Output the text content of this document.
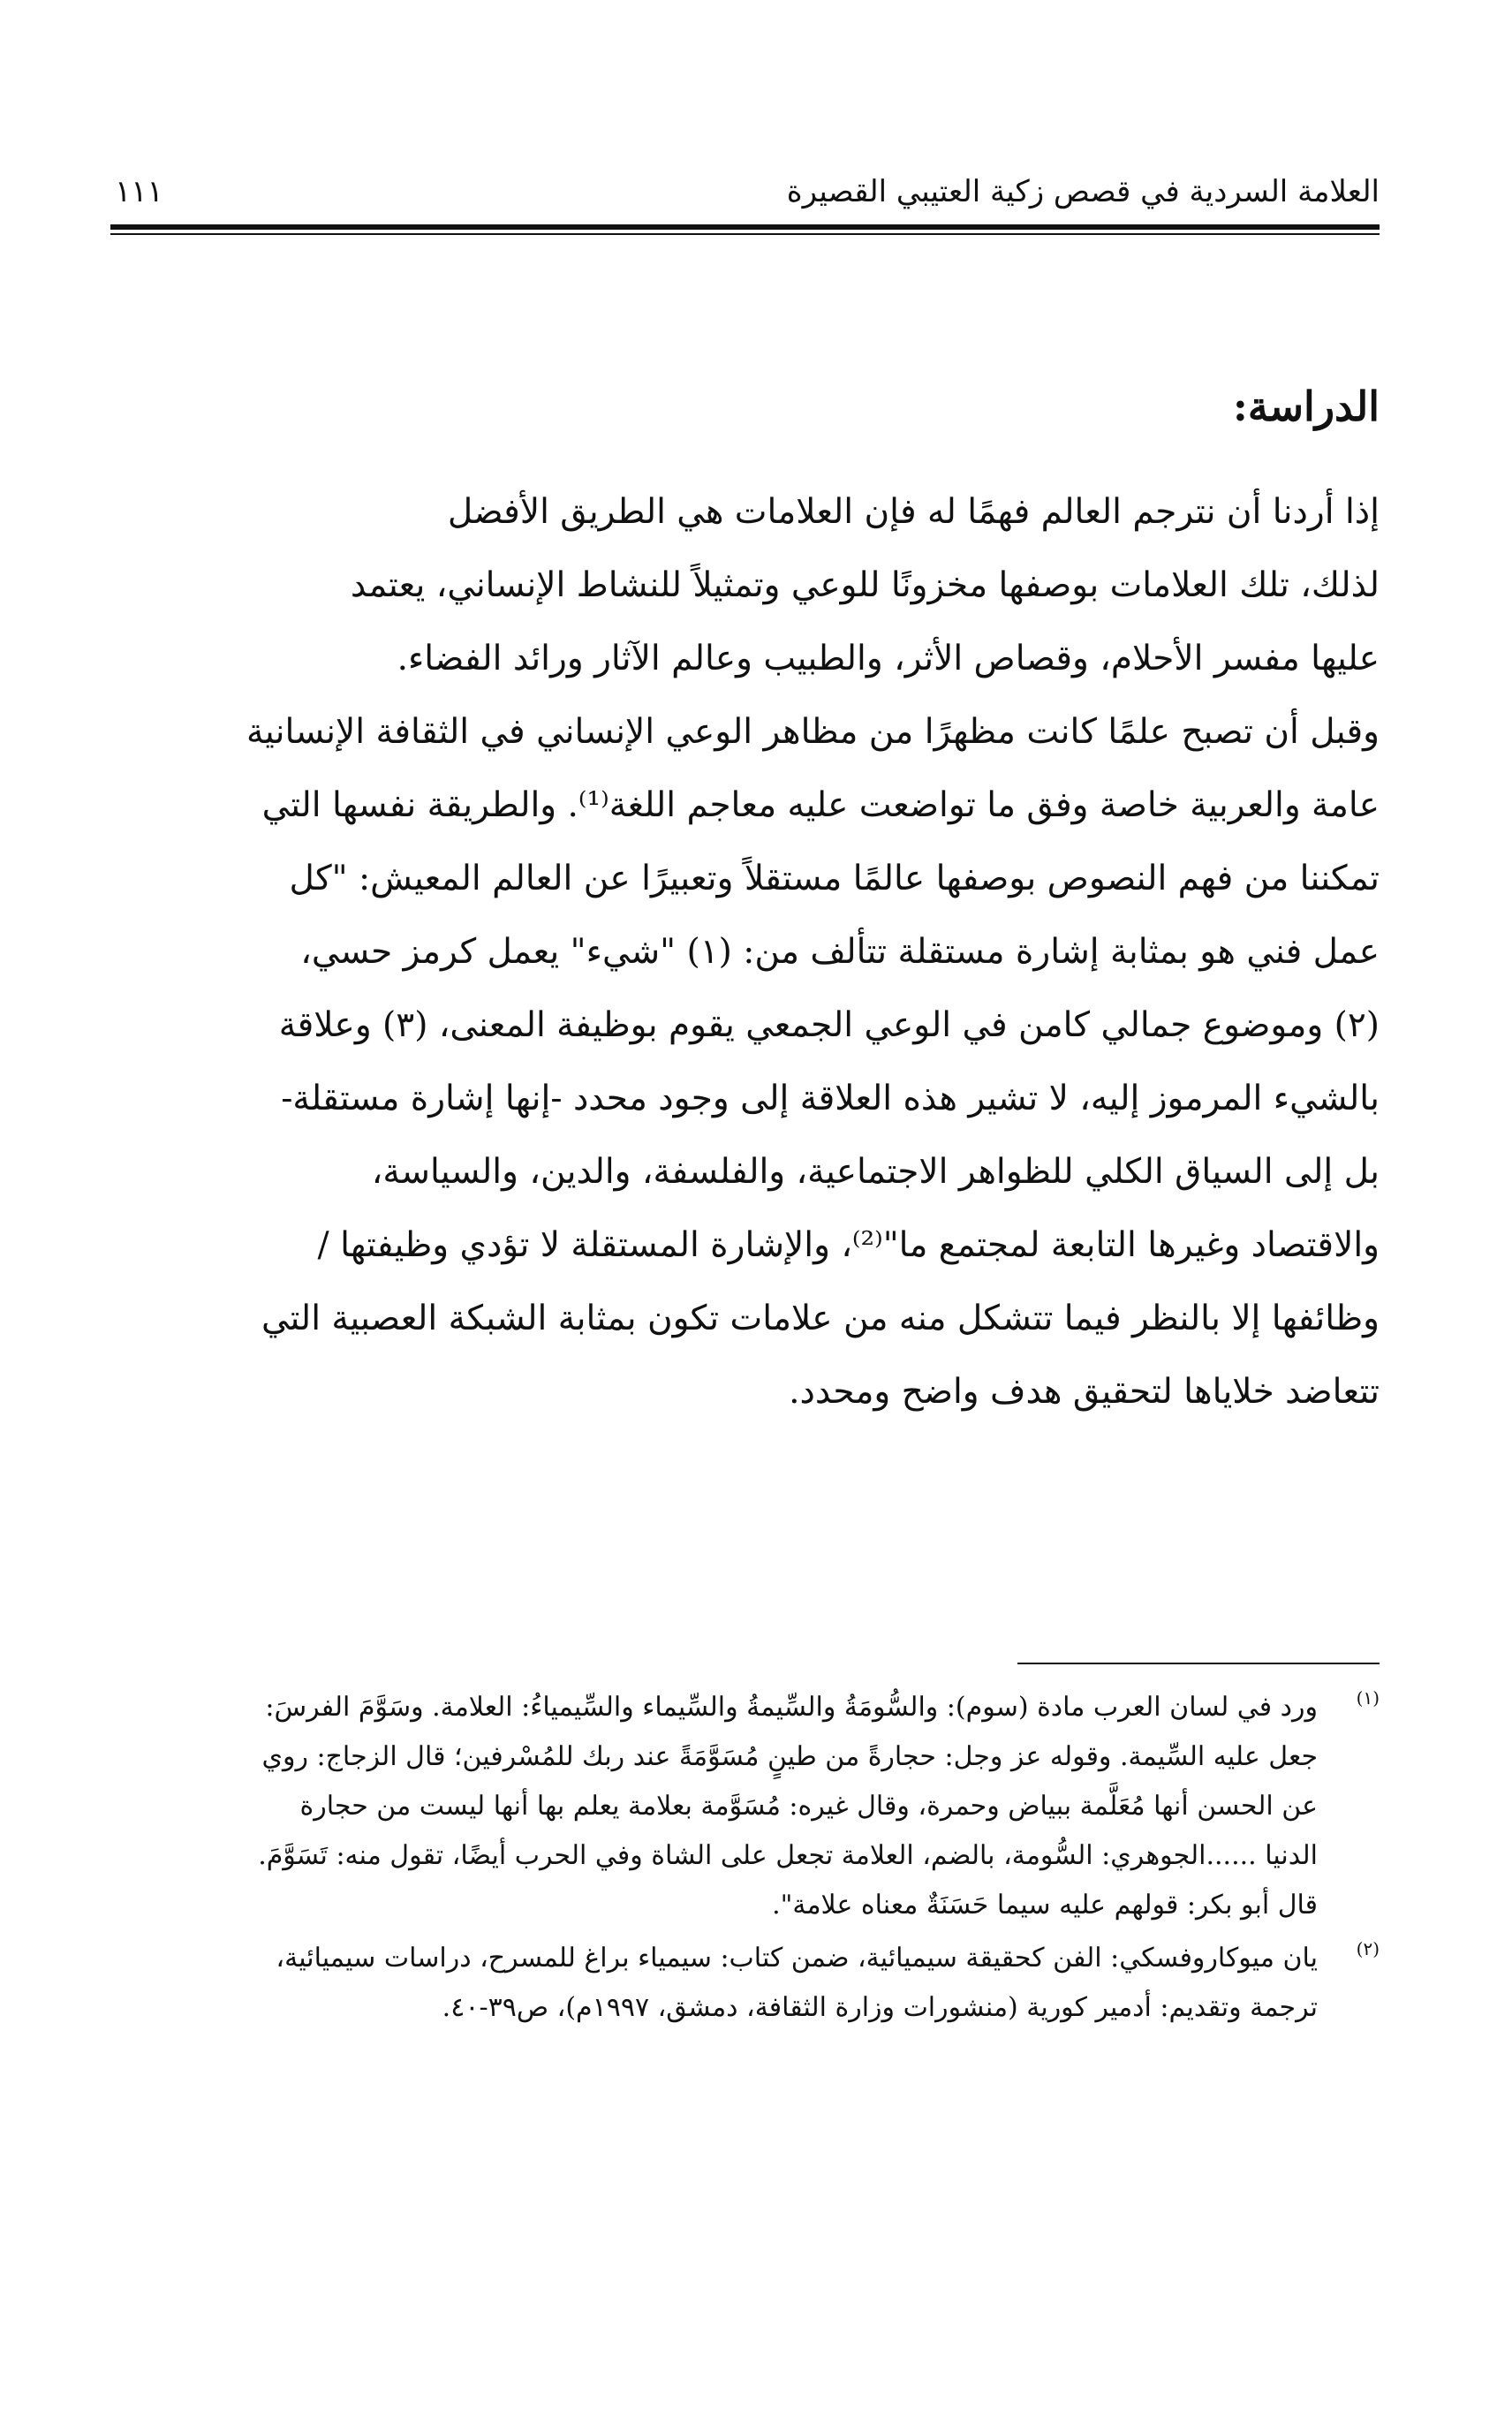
العلامة السردية في قصص زكية العتيبي القصيرة
١١١
الدراسة:
إذا أردنا أن نترجم العالم فهمًا له فإن العلامات هي الطريق الأفضل
لذلك، تلك العلامات بوصفها مخزونًا للوعي وتمثيلاً للنشاط الإنساني، يعتمد
عليها مفسر الأحلام، وقصاص الأثر، والطبيب وعالم الآثار ورائد الفضاء.
وقبل أن تصبح علمًا كانت مظهرًا من مظاهر الوعي الإنساني في الثقافة الإنسانية
عامة والعربية خاصة وفق ما تواضعت عليه معاجم اللغة⁽¹⁾. والطريقة نفسها التي
تمكننا من فهم النصوص بوصفها عالمًا مستقلاً وتعبيرًا عن العالم المعيش: "كل
عمل فني هو بمثابة إشارة مستقلة تتألف من: (١) "شيء" يعمل كرمز حسي،
(٢) وموضوع جمالي كامن في الوعي الجمعي يقوم بوظيفة المعنى، (٣) وعلاقة
بالشيء المرموز إليه، لا تشير هذه العلاقة إلى وجود محدد -إنها إشارة مستقلة-
بل إلى السياق الكلي للظواهر الاجتماعية، والفلسفة، والدين، والسياسة،
والاقتصاد وغيرها التابعة لمجتمع ما"⁽²⁾، والإشارة المستقلة لا تؤدي وظيفتها /
وظائفها إلا بالنظر فيما تتشكل منه من علامات تكون بمثابة الشبكة العصبية التي
تتعاضد خلاياها لتحقيق هدف واضح ومحدد.
(١)
ورد في لسان العرب مادة (سوم): والسُّومَةُ والسِّيمةُ والسِّيماء والسِّيمياءُ: العلامة. وسَوَّمَ الفرسَ:
جعل عليه السِّيمة. وقوله عز وجل: حجارةً من طينٍ مُسَوَّمَةً عند ربك للمُسْرفين؛ قال الزجاج: روي
عن الحسن أنها مُعَلَّمة ببياض وحمرة، وقال غيره: مُسَوَّمة بعلامة يعلم بها أنها ليست من حجارة
الدنيا ......الجوهري: السُّومة، بالضم، العلامة تجعل على الشاة وفي الحرب أيضًا، تقول منه: تَسَوَّمَ.
قال أبو بكر: قولهم عليه سيما حَسَنَةٌ معناه علامة".
(٢)
يان ميوكاروفسكي: الفن كحقيقة سيميائية، ضمن كتاب: سيمياء براغ للمسرح، دراسات سيميائية،
ترجمة وتقديم: أدمير كورية (منشورات وزارة الثقافة، دمشق، ١٩٩٧م)، ص٣٩-٤٠.
